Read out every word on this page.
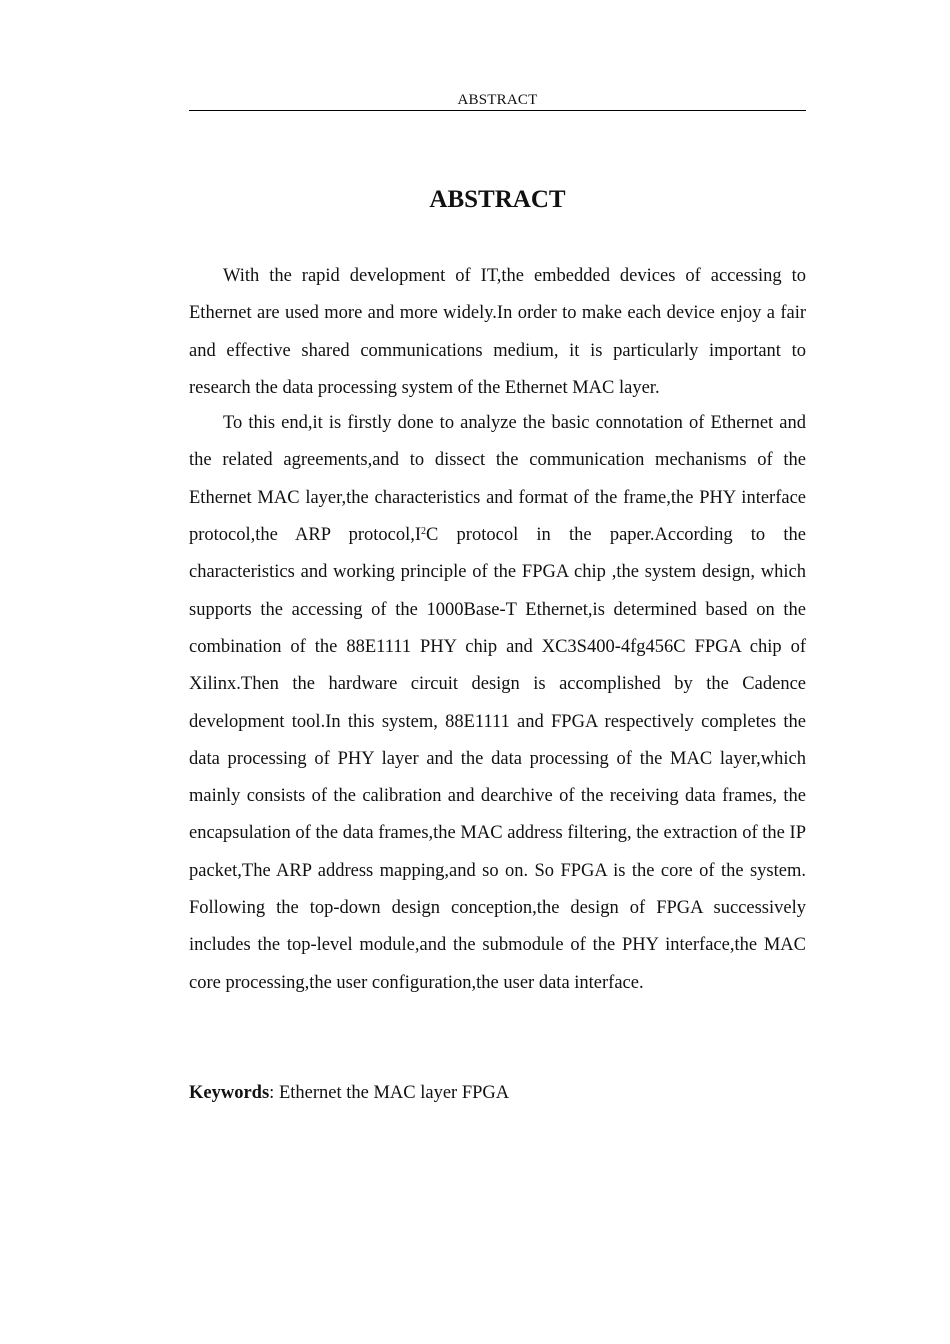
ABSTRACT
ABSTRACT

With the rapid development of IT,the embedded devices of accessing to Ethernet are used more and more widely.In order to make each device enjoy a fair and effective shared communications medium, it is particularly important to research the data processing system of the Ethernet MAC layer.

To this end,it is firstly done to analyze the basic connotation of Ethernet and the related agreements,and to dissect the communication mechanisms of the Ethernet MAC layer,the characteristics and format of the frame,the PHY interface protocol,the ARP $protocol,I^2C$ protocol in the paper.According to the characteristics and working principle of the FPGA chip ,the system design, which supports the accessing of the 1000Base-T Ethernet,is determined based on the combination of the 88E1111 PHY chip and XC3S400-4fg456C FPGA chip of Xilinx.Then the hardware circuit design is accomplished by the Cadence development tool.In this system, 88E1111 and FPGA respectively completes the data processing of PHY layer and the data processing of the MAC layer,which mainly consists of the calibration and dearchive of the receiving data frames, the encapsulation of the data frames,the MAC address filtering, the extraction of the IP packet,The ARP address mapping,and so on. So FPGA is the core of the system. Following the top-down design conception,the design of FPGA successively includes the top-level module,and the submodule of the PHY interface,the MAC core processing,the user configuration,the user data interface.

Keywords: Ethernet the MAC layer FPGA
